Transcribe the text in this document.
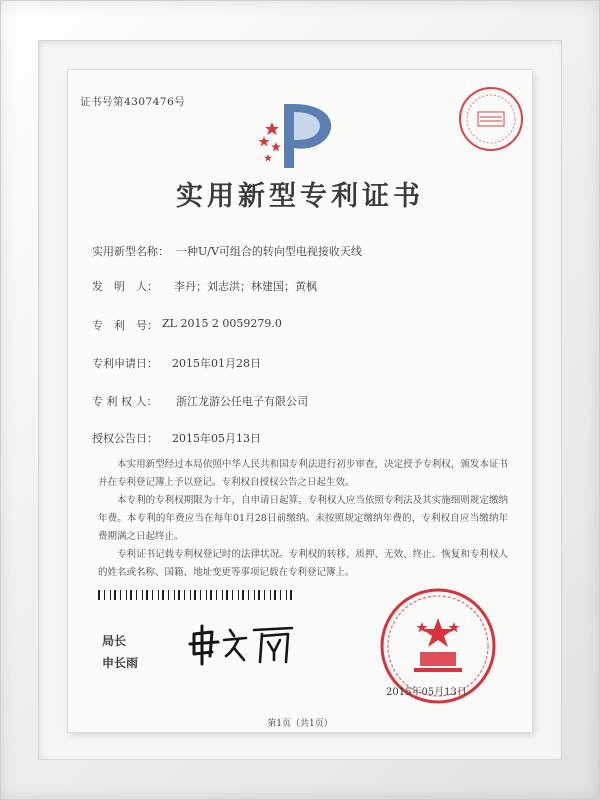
证书号第4307476号
实用新型专利证书
实用新型名称： 一种U/V可组合的转向型电视接收天线
发　明　人： 李丹；刘志洪；林建国；黄枫
专　利　号： ZL 2015 2 0059279.0
专利申请日： 2015年01月28日
专 利 权 人： 浙江龙游公任电子有限公司
授权公告日： 2015年05月13日

本实用新型经过本局依照中华人民共和国专利法进行初步审查，决定授予专利权，颁发本证书并在专利登记簿上予以登记。专利权自授权公告之日起生效。

本专利的专利权期限为十年，自申请日起算。专利权人应当依照专利法及其实施细则规定缴纳年费。本专利的年费应当在每年01月28日前缴纳。未按照规定缴纳年费的，专利权自应当缴纳年费期满之日起终止。

专利证书记载专利权登记时的法律状况。专利权的转移、质押、无效、终止、恢复和专利权人的姓名或名称、国籍、地址变更等事项记载在专利登记簿上。

局长
申长雨
2015年05月13日
第1页（共1页）
